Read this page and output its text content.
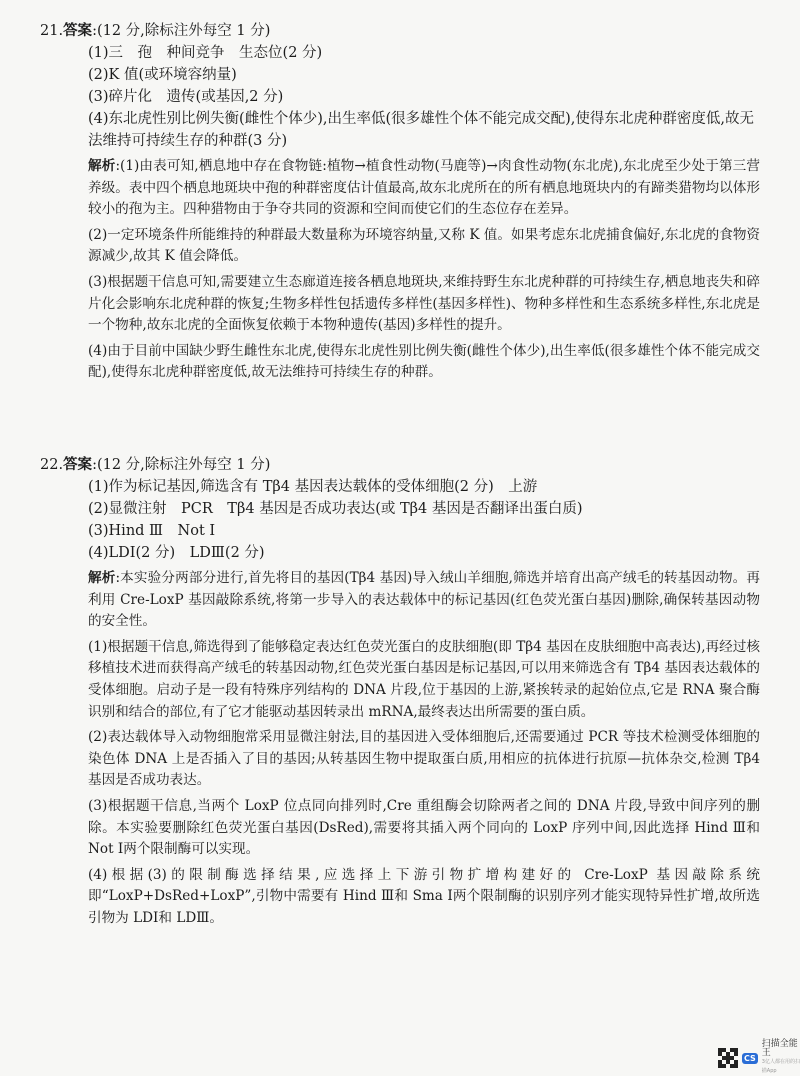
21.答案:(12 分,除标注外每空 1 分)

(1)三　孢　种间竞争　生态位(2 分)

(2)K 值(或环境容纳量)

(3)碎片化　遗传(或基因,2 分)

(4)东北虎性别比例失衡(雌性个体少),出生率低(很多雄性个体不能完成交配),使得东北虎种群密度低,故无法维持可持续生存的种群(3 分)

解析:(1)由表可知,栖息地中存在食物链:植物→植食性动物(马鹿等)→肉食性动物(东北虎),东北虎至少处于第三营养级。表中四个栖息地斑块中孢的种群密度估计值最高,故东北虎所在的所有栖息地斑块内的有蹄类猎物均以体形较小的孢为主。四种猎物由于争夺共同的资源和空间而使它们的生态位存在差异。

(2)一定环境条件所能维持的种群最大数量称为环境容纳量,又称 K 值。如果考虑东北虎捕食偏好,东北虎的食物资源减少,故其 K 值会降低。

(3)根据题干信息可知,需要建立生态廊道连接各栖息地斑块,来维持野生东北虎种群的可持续生存,栖息地丧失和碎片化会影响东北虎种群的恢复;生物多样性包括遗传多样性(基因多样性)、物种多样性和生态系统多样性,东北虎是一个物种,故东北虎的全面恢复依赖于本物种遗传(基因)多样性的提升。

(4)由于目前中国缺少野生雌性东北虎,使得东北虎性别比例失衡(雌性个体少),出生率低(很多雄性个体不能完成交配),使得东北虎种群密度低,故无法维持可持续生存的种群。

22.答案:(12 分,除标注外每空 1 分)

(1)作为标记基因,筛选含有 Tβ4 基因表达载体的受体细胞(2 分)　上游

(2)显微注射　PCR　Tβ4 基因是否成功表达(或 Tβ4 基因是否翻译出蛋白质)

(3)Hind Ⅲ　Not Ⅰ

(4)LDⅠ(2 分)　LDⅢ(2 分)

解析:本实验分两部分进行,首先将目的基因(Tβ4 基因)导入绒山羊细胞,筛选并培育出高产绒毛的转基因动物。再利用 Cre-LoxP 基因敲除系统,将第一步导入的表达载体中的标记基因(红色荧光蛋白基因)删除,确保转基因动物的安全性。

(1)根据题干信息,筛选得到了能够稳定表达红色荧光蛋白的皮肤细胞(即 Tβ4 基因在皮肤细胞中高表达),再经过核移植技术进而获得高产绒毛的转基因动物,红色荧光蛋白基因是标记基因,可以用来筛选含有 Tβ4 基因表达载体的受体细胞。启动子是一段有特殊序列结构的 DNA 片段,位于基因的上游,紧挨转录的起始位点,它是 RNA 聚合酶识别和结合的部位,有了它才能驱动基因转录出 mRNA,最终表达出所需要的蛋白质。

(2)表达载体导入动物细胞常采用显微注射法,目的基因进入受体细胞后,还需要通过 PCR 等技术检测受体细胞的染色体 DNA 上是否插入了目的基因;从转基因生物中提取蛋白质,用相应的抗体进行抗原—抗体杂交,检测 Tβ4 基因是否成功表达。

(3)根据题干信息,当两个 LoxP 位点同向排列时,Cre 重组酶会切除两者之间的 DNA 片段,导致中间序列的删除。本实验要删除红色荧光蛋白基因(DsRed),需要将其插入两个同向的 LoxP 序列中间,因此选择 Hind Ⅲ和 Not Ⅰ两个限制酶可以实现。

(4)根据(3)的限制酶选择结果,应选择上下游引物扩增构建好的 Cre-LoxP 基因敲除系统即“LoxP+DsRed+LoxP”,引物中需要有 Hind Ⅲ和 Sma Ⅰ两个限制酶的识别序列才能实现特异性扩增,故所选引物为 LDⅠ和 LDⅢ。

CS
扫描全能王
3亿人都在用的扫描App
